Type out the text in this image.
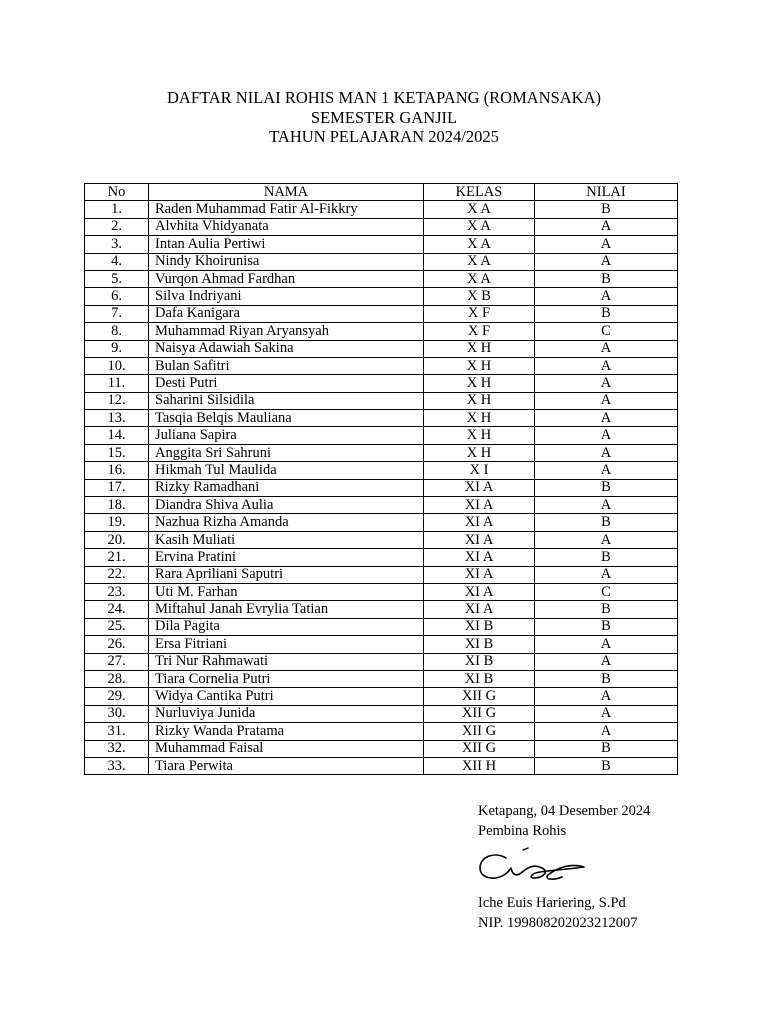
DAFTAR NILAI ROHIS MAN 1 KETAPANG (ROMANSAKA)
SEMESTER GANJIL
TAHUN PELAJARAN 2024/2025
No	NAMA	KELAS	NILAI
1.	Raden Muhammad Fatir Al-Fikkry	X A	B
2.	Alvhita Vhidyanata	X A	A
3.	Intan Aulia Pertiwi	X A	A
4.	Nindy Khoirunisa	X A	A
5.	Vurqon Ahmad Fardhan	X A	B
6.	Silva Indriyani	X B	A
7.	Dafa Kanigara	X F	B
8.	Muhammad Riyan Aryansyah	X F	C
9.	Naisya Adawiah Sakina	X H	A
10.	Bulan Safitri	X H	A
11.	Desti Putri	X H	A
12.	Saharini Silsidila	X H	A
13.	Tasqia Belqis Mauliana	X H	A
14.	Juliana Sapira	X H	A
15.	Anggita Sri Sahruni	X H	A
16.	Hikmah Tul Maulida	X I	A
17.	Rizky Ramadhani	XI A	B
18.	Diandra Shiva Aulia	XI A	A
19.	Nazhua Rizha Amanda	XI A	B
20.	Kasih Muliati	XI A	A
21.	Ervina Pratini	XI A	B
22.	Rara Apriliani Saputri	XI A	A
23.	Uti M. Farhan	XI A	C
24.	Miftahul Janah Evrylia Tatian	XI A	B
25.	Dila Pagita	XI B	B
26.	Ersa Fitriani	XI B	A
27.	Tri Nur Rahmawati	XI B	A
28.	Tiara Cornelia Putri	XI B	B
29.	Widya Cantika Putri	XII G	A
30.	Nurluviya Junida	XII G	A
31.	Rizky Wanda Pratama	XII G	A
32.	Muhammad Faisal	XII G	B
33.	Tiara Perwita	XII H	B
Ketapang, 04 Desember 2024
Pembina Rohis
Iche Euis Hariering, S.Pd
NIP. 199808202023212007
